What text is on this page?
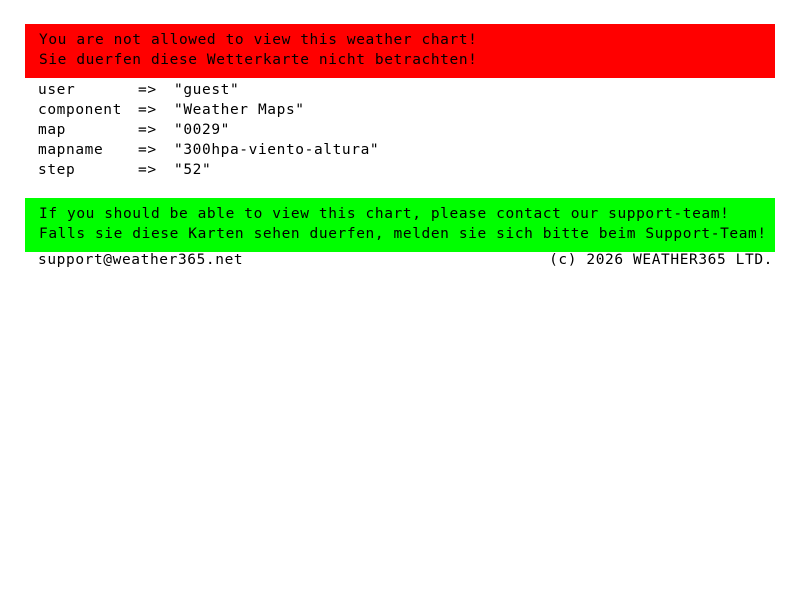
You are not allowed to view this weather chart!
Sie duerfen diese Wetterkarte nicht betrachten!
user	=>	"guest"
component	=>	"Weather Maps"
map	=>	"0029"
mapname	=>	"300hpa-viento-altura"
step	=>	"52"
If you should be able to view this chart, please contact our support-team!
Falls sie diese Karten sehen duerfen, melden sie sich bitte beim Support-Team!
support@weather365.net	(c) 2026 WEATHER365 LTD.
